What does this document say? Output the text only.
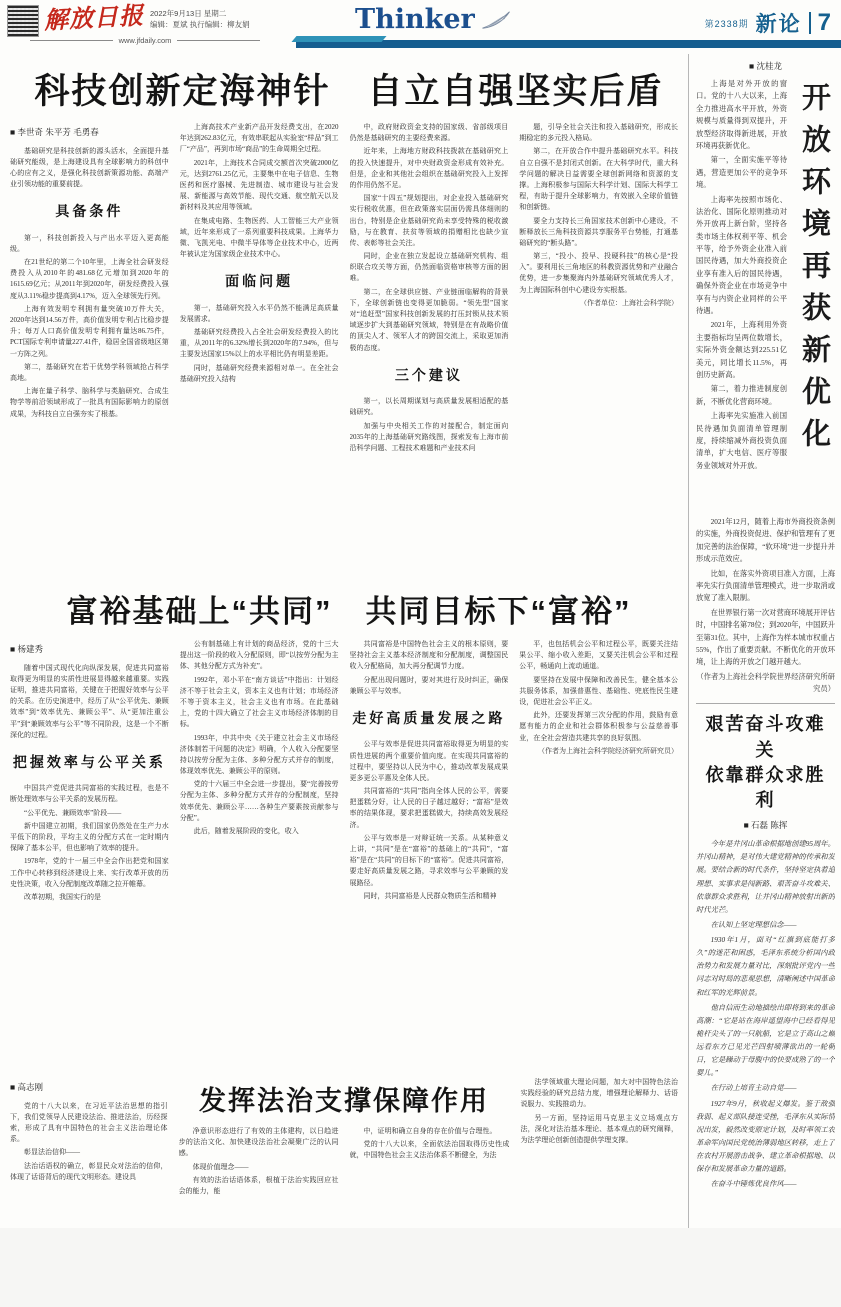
解放日报 2022年9月13日 星期二
编辑：夏斌 执行编辑：柳友娟
www.jfdaily.com
Thinker	第2338期 新论 7
科技创新定海神针　自立自强坚实后盾
■ 李世奇 朱平芳 毛勇春

基础研究是科技创新的源头活水，全面提升基础研究能级，是上海建设具有全球影响力的科创中心的应有之义，是强化科技创新策源功能、高端产业引领功能的重要前提。

具备条件

第一，科技创新投入与产出水平迈入更高能级。

在21世纪的第二个10年里，上海全社会研发经费投入从2010年的481.68亿元增加到2020年的1615.69亿元；从2011年到2020年，研发经费投入强度从3.11%稳步提高到4.17%，迈入全球领先行列。

上海有效发明专利拥有量突破10万件大关，2020年达到14.56万件，高价值发明专利占比稳步提升；每万人口高价值发明专利拥有量达86.75件，PCT国际专利申请量227.41件，稳居全国省级地区第一方阵之列。

第二，基础研究在若干优势学科领域抢占科学高地。

上海在量子科学、脑科学与类脑研究、合成生物学等前沿领域形成了一批具有国际影响力的原创成果，为科技自立自强夯实了根基。

上海高技术产业新产品开发经费支出，在2020年达到262.83亿元，有效串联起从实验室“样品”到工厂“产品”，再到市场“商品”的生命周期全过程。

2021年，上海技术合同成交额首次突破2000亿元，达到2761.25亿元，主要集中在电子信息、生物医药和医疗器械、先进制造、城市建设与社会发展、新能源与高效节能、现代交通、航空航天以及新材料及其应用等领域。

在集成电路、生物医药、人工智能三大产业领域，近年来形成了一系列重要科技成果。上海华力微、飞凯光电、中微半导体等企业技术中心，近两年被认定为国家级企业技术中心。

面临问题

第一，基础研究投入水平仍然不能满足高质量发展需求。

基础研究经费投入占全社会研发经费投入的比重，从2011年的6.32%增长到2020年的7.94%，但与主要发达国家15%以上的水平相比仍有明显差距。

同时，基础研究经费来源相对单一。在全社会基础研究投入结构

中，政府财政资金支持的国家级、省部级项目仍然是基础研究的主要经费来源。

近年来，上海地方财政科技拨款在基础研究上的投入快速提升，对中央财政资金形成有效补充。但是，企业和其他社会组织在基础研究投入上发挥的作用仍然不足。

国家“十四五”规划提出，对企业投入基础研究实行税收优惠，但在政策落实层面仍需具体细则的出台，特别是企业基础研究尚未享受特殊的税收激励，与在教育、扶贫等领域的捐赠相比也缺少宣传、表彰等社会关注。

同时，企业在独立发起设立基础研究机构、组织联合攻关等方面，仍然面临资格审核等方面的困难。

第二，在全球供应链、产业链面临解构的背景下，全球创新链也变得更加脆弱。“领先型”国家对“追赶型”国家科技创新发展的打压封锁从技术领域逐步扩大到基础研究领域，特别是在有战略价值的顶尖人才、领军人才的跨国交流上，采取更加消极的态度。

三个建议

第一，以长周期谋划与高质量发展相适配的基础研究。

加强与中央相关工作的对接配合，制定面向2035年的上海基础研究路线图，探索发布上海市前沿科学问题、工程技术难题和产业技术问

题，引导全社会关注和投入基础研究，形成长期稳定的多元投入格局。

第二，在开放合作中提升基础研究水平。科技自立自强不是封闭式创新。在大科学时代，重大科学问题的解决日益需要全球创新网络和资源的支撑。上海积极参与国际大科学计划、国际大科学工程，有助于提升全球影响力，有效嵌入全球价值链和创新链。

要全力支持长三角国家技术创新中心建设，不断释放长三角科技资源共享服务平台势能，打通基础研究的“断头路”。

第三，“投小、投早、投硬科技”的核心是“投入”。要利用长三角地区的科教资源优势和产业融合优势，进一步集聚海内外基础研究领域优秀人才，为上海国际科创中心建设夯实根基。

（作者单位：上海社会科学院）

富裕基础上“共同”　共同目标下“富裕”
■ 杨建秀

随着中国式现代化向纵深发展，促进共同富裕取得更为明显的实质性进展显得越来越重要。实践证明，推进共同富裕，关键在于把握好效率与公平的关系。在历史演进中，经历了从“公平优先、兼顾效率”到“效率优先、兼顾公平”、从“更加注重公平”到“兼顾效率与公平”等不同阶段，这是一个不断深化的过程。

把握效率与公平关系

中国共产党促进共同富裕的实践过程，也是不断处理效率与公平关系的发展历程。

“公平优先、兼顾效率”阶段——

新中国建立初期，我们国家仍然处在生产力水平低下的阶段，平均主义的分配方式在一定时期内保障了基本公平，但也影响了效率的提升。

1978年，党的十一届三中全会作出把党和国家工作中心转移到经济建设上来、实行改革开放的历史性决策，收入分配制度改革随之拉开帷幕。

改革初期，我国实行的是

公有制基础上有计划的商品经济，党的十三大提出这一阶段的收入分配原则，即“以按劳分配为主体、其他分配方式为补充”。

1992年，邓小平在“南方谈话”中指出：计划经济不等于社会主义，资本主义也有计划；市场经济不等于资本主义，社会主义也有市场。在此基础上，党的十四大确立了社会主义市场经济体制的目标。

1993年，中共中央《关于建立社会主义市场经济体制若干问题的决定》明确，个人收入分配要坚持以按劳分配为主体、多种分配方式并存的制度，体现效率优先、兼顾公平的原则。

党的十六届三中全会进一步提出，要“完善按劳分配为主体、多种分配方式并存的分配制度，坚持效率优先、兼顾公平……各种生产要素按贡献参与分配”。

此后，随着发展阶段的变化，收入

共同富裕是中国特色社会主义的根本原则，要坚持社会主义基本经济制度和分配制度，调整国民收入分配格局，加大再分配调节力度。

分配出现问题时，要对其进行及时纠正，确保兼顾公平与效率。

走好高质量发展之路

公平与效率是促进共同富裕取得更为明显的实质性进展的两个重要价值向度。在实现共同富裕的过程中，要坚持以人民为中心，推动改革发展成果更多更公平惠及全体人民。

共同富裕的“共同”指向全体人民的公平，需要把蛋糕分好，让人民的日子越过越好；“富裕”是效率的结果体现，要求把蛋糕做大，持续高效发展经济。

公平与效率是一对辩证统一关系。从某种意义上讲，“共同”是在“富裕”的基础上的“共同”，“富裕”是在“共同”的目标下的“富裕”。促进共同富裕，要走好高质量发展之路，寻求效率与公平兼顾的发展路径。

同时，共同富裕是人民群众物质生活和精神

平，也包括机会公平和过程公平，既要关注结果公平、缩小收入差距，又要关注机会公平和过程公平，畅通向上流动通道。

要坚持在发展中保障和改善民生，健全基本公共服务体系，加强普惠性、基础性、兜底性民生建设，促进社会公平正义。

此外，还要发挥第三次分配的作用，鼓励有意愿有能力的企业和社会群体积极参与公益慈善事业，在全社会营造共建共享的良好氛围。

（作者为上海社会科学院经济研究所研究员）

■ 高志刚

党的十八大以来，在习近平法治思想的指引下，我们党领导人民建设法治、推进法治，历经探索，形成了具有中国特色的社会主义法治理论体系。

彰显法治信仰——

法治话语权的确立，彰显民众对法治的信仰，体现了话语背后的现代文明形态。建设具

发挥法治支撑保障作用

净意识形态进行了有效的主体建构，以日趋进步的法治文化、加快建设法治社会凝聚广泛的认同感。

体现价值理念——

有效的法治话语体系，根植于法治实践回应社会的能力，能

中，证明和确立自身的存在价值与合理性。

党的十八大以来，全面依法治国取得历史性成就，中国特色社会主义法治体系不断健全，为法

法学领域重大理论问题，加大对中国特色法治实践经验的研究总结力度，增强理论解释力、话语说服力、实践推动力。

另一方面，坚持运用马克思主义立场观点方法，深化对法治基本理论、基本观点的研究阐释，为法学理论创新创造提供学理支撑。

■ 沈桂龙

上海是对外开放的窗口。党的十八大以来，上海全力推进高水平开放，外资规模与质量得到双提升，开放型经济取得新进展，开放环境再获新优化。

第一，全面实施平等待遇，营造更加公平的竞争环境。

上海率先按照市场化、法治化、国际化原则推动对外开放再上新台阶，坚持各类市场主体权利平等、机会平等，给予外资企业准入前国民待遇，加大外商投资企业享有准入后的国民待遇，确保外资企业在市场竞争中享有与内资企业同样的公平待遇。

2021年，上海利用外资主要指标均呈两位数增长，实际外资金额达到225.51亿美元，同比增长11.5%，再创历史新高。

第二，着力推进制度创新，不断优化营商环境。

上海率先实施准入前国民待遇加负面清单管理制度，持续缩减外商投资负面清单，扩大电信、医疗等服务业领域对外开放。

开放环境再获新优化

2021年12月，随着上海市外商投资条例的实施，外商投资促进、保护和管理有了更加完善的法治保障，“软环境”进一步提升并形成示范效应。

比如，在落实外资项目准入方面，上海率先实行负面清单管理模式，进一步取消或放宽了准入限制。

在世界银行第一次对营商环境展开评估时，中国排名第78位；到2020年，中国跃升至第31位。其中，上海作为样本城市权重占55%，作出了重要贡献。不断优化的开放环境，让上海的开放之门越开越大。

（作者为上海社会科学院世界经济研究所研究员）

艰苦奋斗攻难关
依靠群众求胜利
■ 石磊 陈挥

今年是井冈山革命根据地创建95周年。井冈山精神，是对伟大建党精神的传承和发展。要结合新的时代条件，坚持坚定执着追理想、实事求是闯新路、艰苦奋斗攻难关、依靠群众求胜利，让井冈山精神放射出新的时代光芒。

在认知上坚定理想信念——

1930年1月，面对“红旗到底能打多久”的迷茫和困惑，毛泽东系统分析国内政治势力和发展力量对比，深刻批评党内一些同志对时局的悲观思想，清晰阐述中国革命和红军的光辉前景。

他自信而生动地描绘出即将到来的革命高潮：“它是站在海岸遥望海中已经看得见桅杆尖头了的一只航船，它是立于高山之巅远看东方已见光芒四射喷薄欲出的一轮朝日，它是躁动于母腹中的快要成熟了的一个婴儿。”

在行动上培育主动自觉——

1927年9月，秋收起义爆发。鉴于敌强我弱、起义部队接连受挫，毛泽东从实际情况出发，毅然改变原定计划，及时率领工农革命军向国民党统治薄弱地区转移，走上了在农村开展游击战争、建立革命根据地、以保存和发展革命力量的道路。

在奋斗中锤炼优良作风——
